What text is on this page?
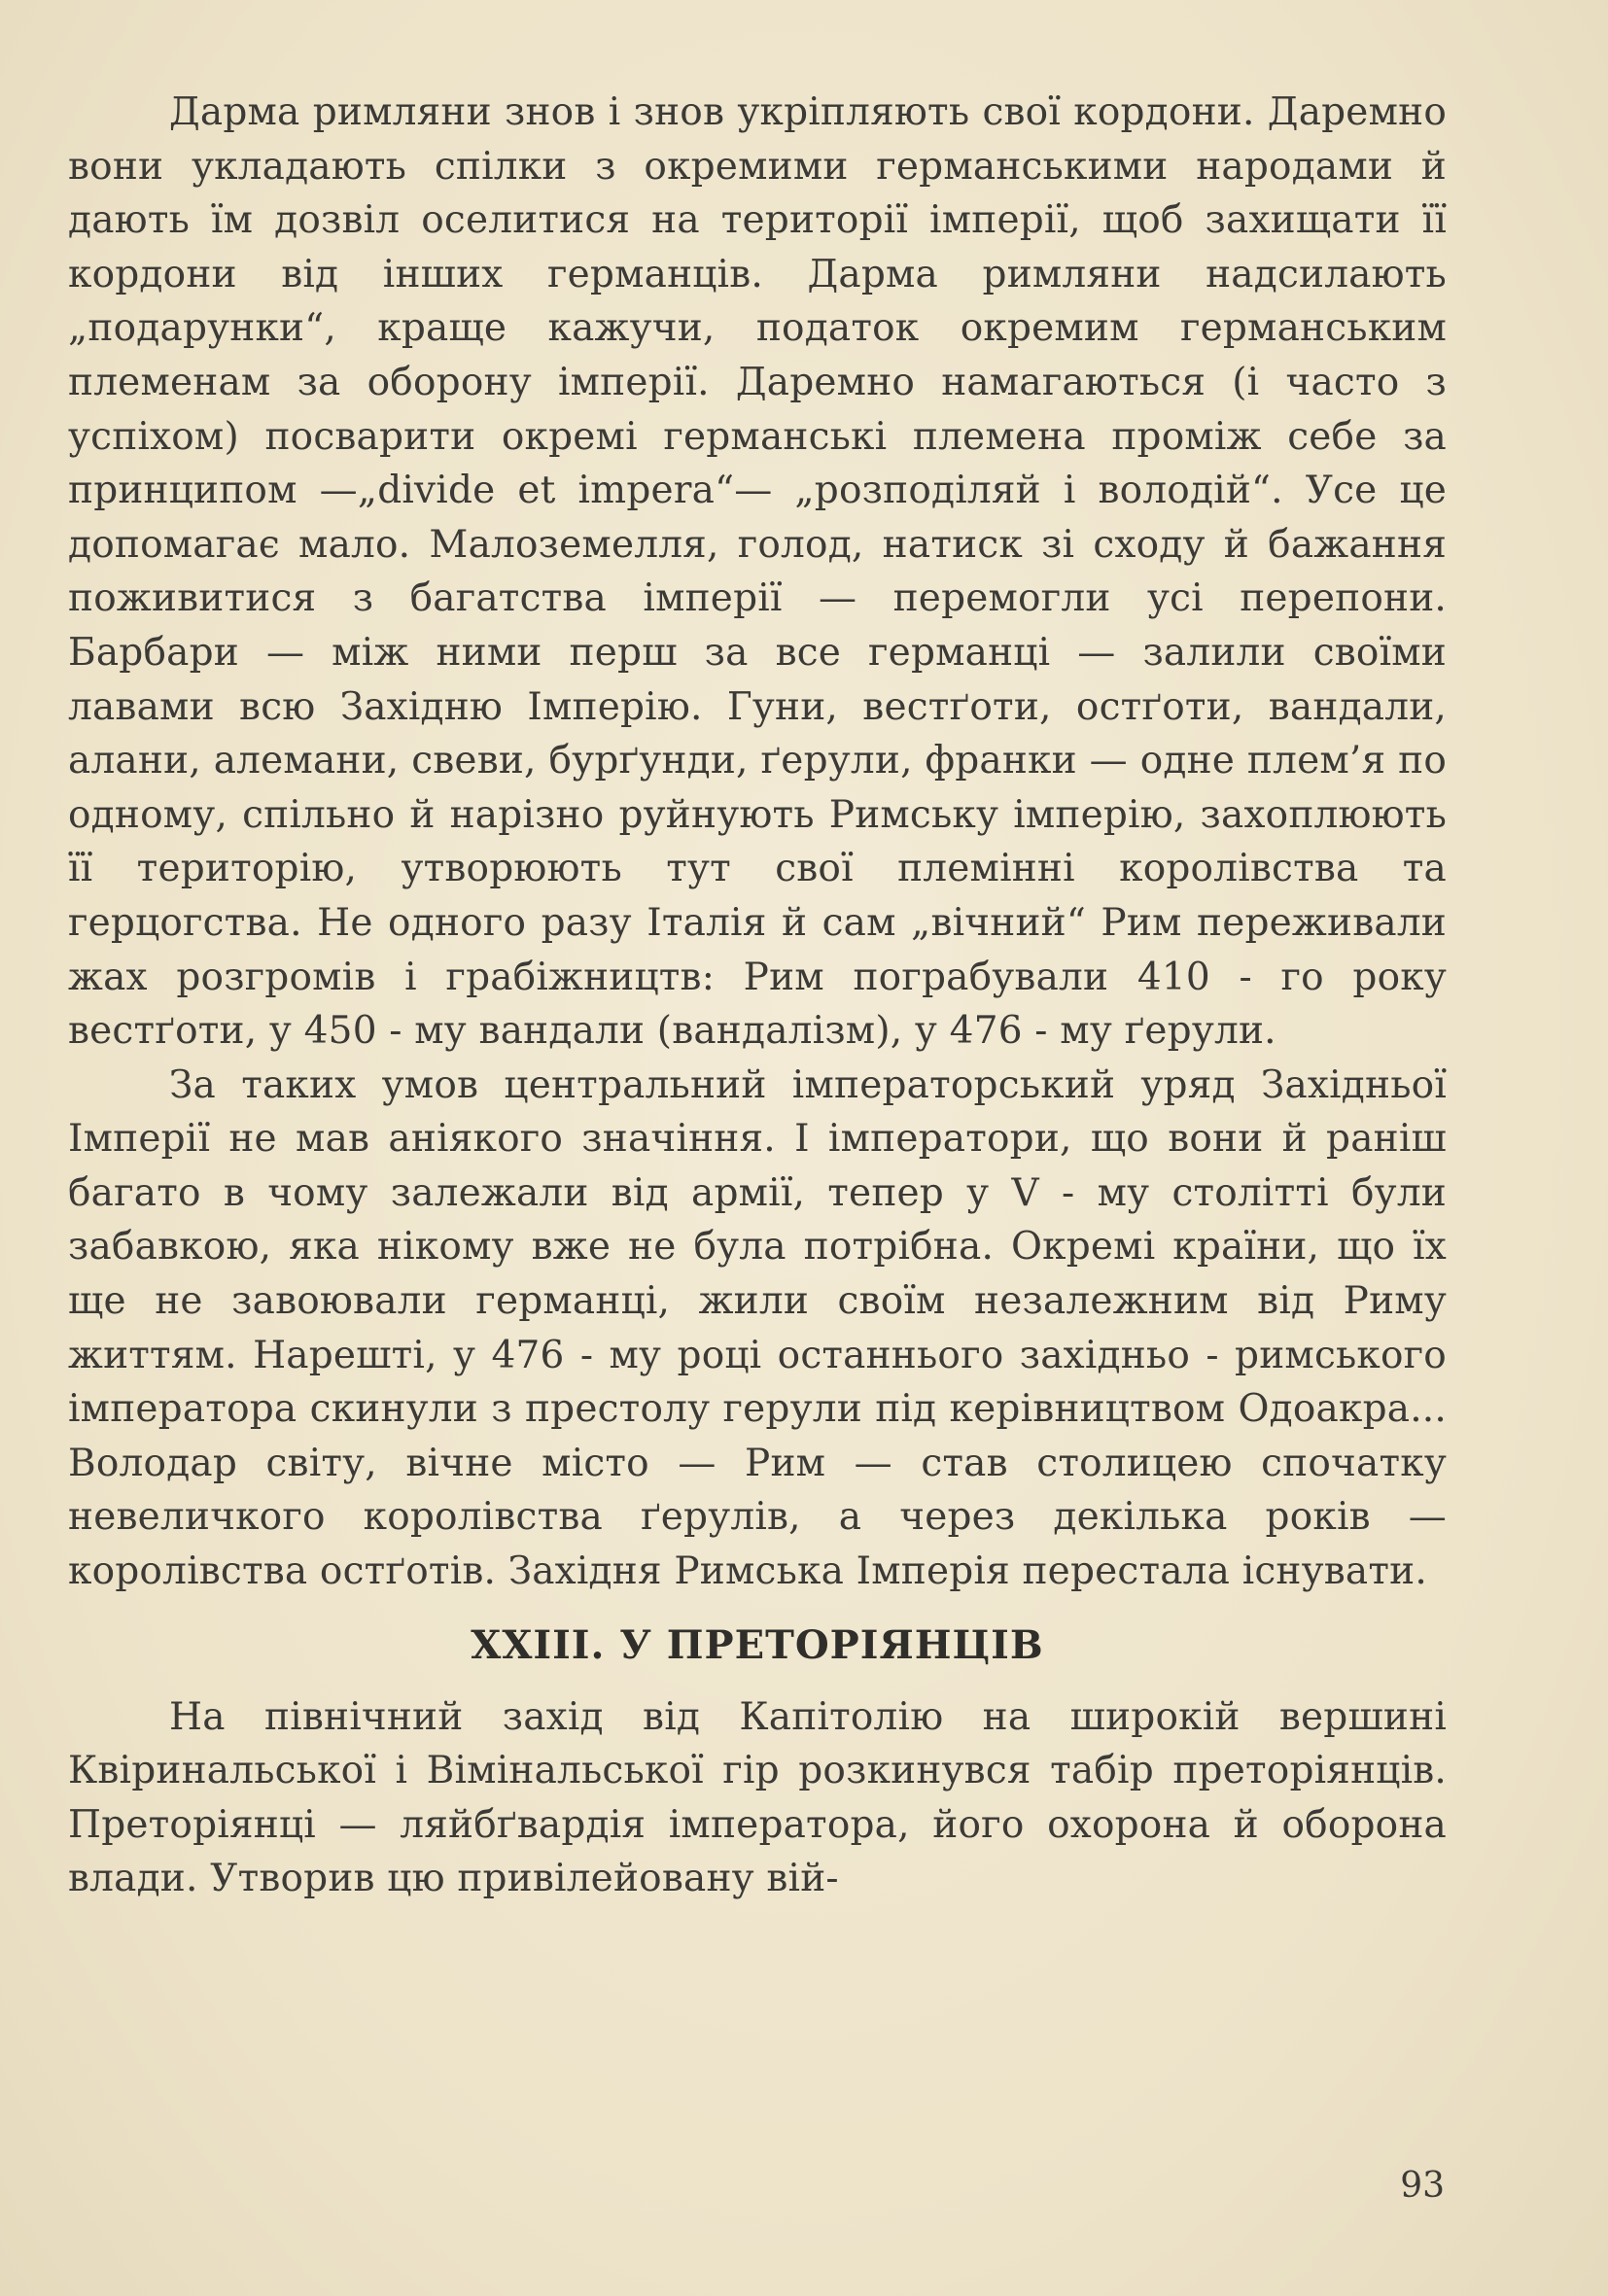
Дарма римляни знов і знов укріпляють свої кордони. Даремно вони укладають спілки з окремими германськими народами й дають їм дозвіл оселитися на території імперії, щоб захищати її кордони від інших германців. Дарма римляни надсилають „подарунки“, краще кажучи, податок окремим германським племенам за оборону імперії. Даремно намагаються (і часто з успіхом) посварити окремі германські племена проміж себе за принципом —„divide et impera“— „розподіляй і володій“. Усе це допомагає мало. Малоземелля, голод, натиск зі сходу й бажання поживитися з багатства імперії — перемогли усі перепони. Барбари — між ними перш за все германці — залили своїми лавами всю Західню Імперію. Гуни, вестґоти, остґоти, вандали, алани, алемани, свеви, бурґунди, ґерули, франки — одне плем’я по одному, спільно й нарізно руйнують Римську імперію, захоплюють її територію, утворюють тут свої племінні королівства та герцогства. Не одного разу Італія й сам „вічний“ Рим переживали жах розгромів і грабіжництв: Рим пограбували 410 - го року вестґоти, у 450 - му вандали (вандалізм), у 476 - му ґерули.

За таких умов центральний імператорський уряд Західньої Імперії не мав аніякого значіння. І імператори, що вони й раніш багато в чому залежали від армії, тепер у V - му столітті були забавкою, яка нікому вже не була потрібна. Окремі країни, що їх ще не завоювали германці, жили своїм незалежним від Риму життям. Нарешті, у 476 - му році останнього західньо - римського імператора скинули з престолу герули під керівництвом Одоакра... Володар світу, вічне місто — Рим — став столицею спочатку невеличкого королівства ґерулів, а через декілька років — королівства остґотів. Західня Римська Імперія перестала існувати.

XXIII. У ПРЕТОРІЯНЦІВ

На північний захід від Капітолію на широкій вершині Квіринальської і Вімінальської гір розкинувся табір преторіянців. Преторіянці — ляйбґвардія імператора, його охорона й оборона влади. Утворив цю привілейовану вій-

93
